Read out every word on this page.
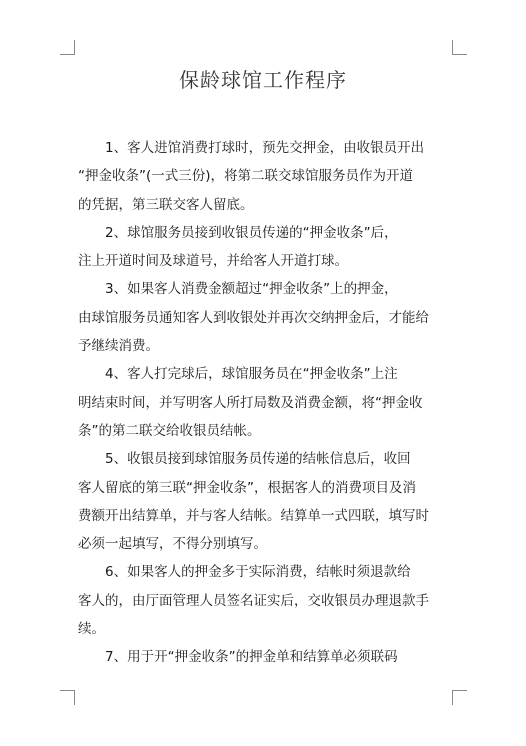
保龄球馆工作程序

1、客人进馆消费打球时，预先交押金，由收银员开出
“押金收条”(一式三份)，将第二联交球馆服务员作为开道
的凭据，第三联交客人留底。

2、球馆服务员接到收银员传递的“押金收条”后，
注上开道时间及球道号，并给客人开道打球。

3、如果客人消费金额超过“押金收条”上的押金，
由球馆服务员通知客人到收银处并再次交纳押金后，才能给
予继续消费。

4、客人打完球后，球馆服务员在“押金收条”上注
明结束时间，并写明客人所打局数及消费金额，将“押金收
条”的第二联交给收银员结帐。

5、收银员接到球馆服务员传递的结帐信息后，收回
客人留底的第三联“押金收条”，根据客人的消费项目及消
费额开出结算单，并与客人结帐。结算单一式四联，填写时
必须一起填写，不得分别填写。

6、如果客人的押金多于实际消费，结帐时须退款给
客人的，由厅面管理人员签名证实后，交收银员办理退款手
续。

7、用于开“押金收条”的押金单和结算单必须联码
